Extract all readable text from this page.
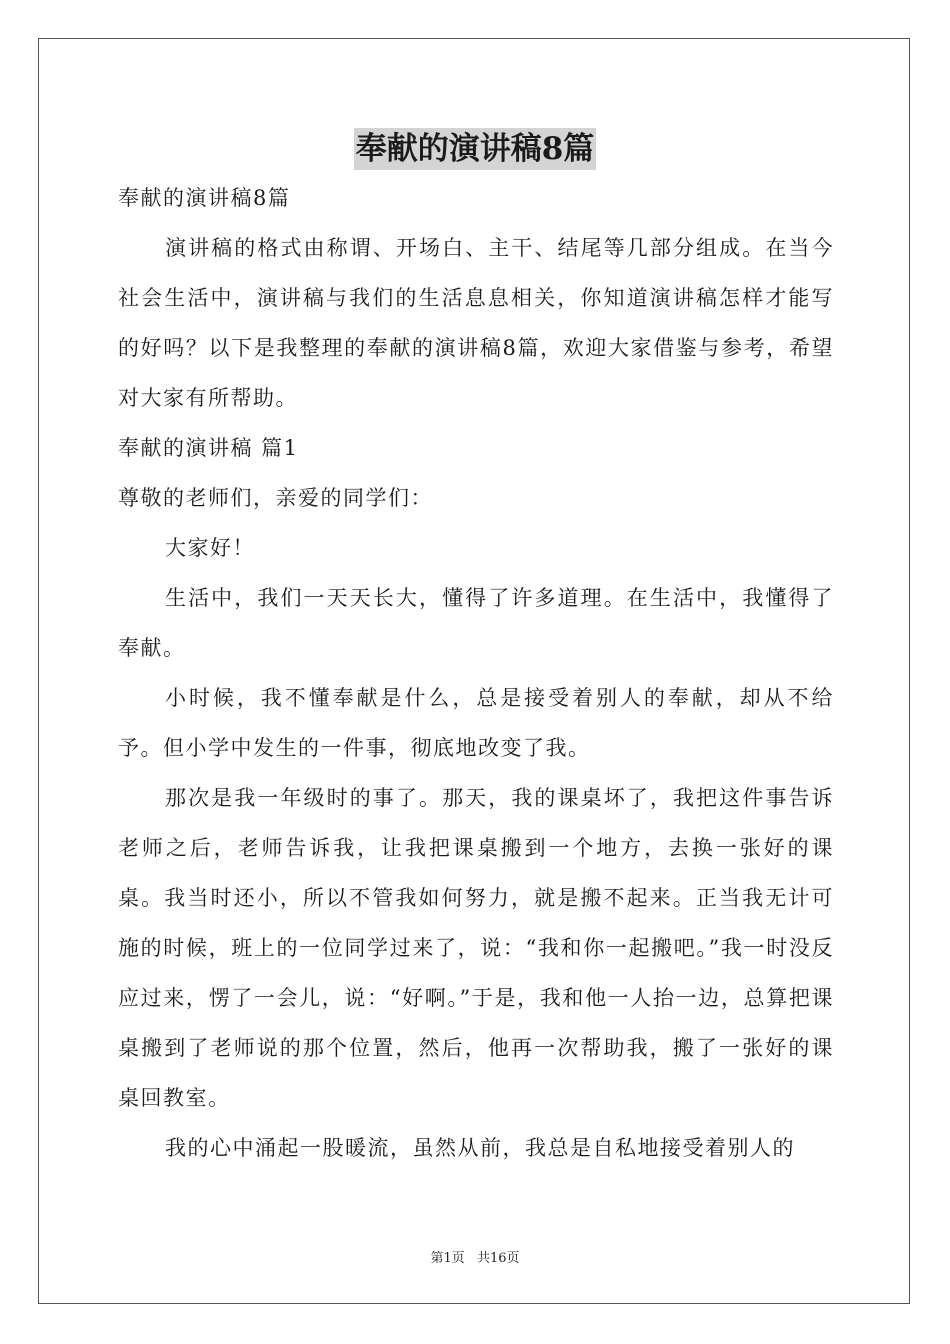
奉献的演讲稿8篇

奉献的演讲稿8篇

演讲稿的格式由称谓、开场白、主干、结尾等几部分组成。在当今社会生活中，演讲稿与我们的生活息息相关，你知道演讲稿怎样才能写的好吗？以下是我整理的奉献的演讲稿8篇，欢迎大家借鉴与参考，希望对大家有所帮助。

奉献的演讲稿 篇1

尊敬的老师们，亲爱的同学们：

大家好！

生活中，我们一天天长大，懂得了许多道理。在生活中，我懂得了奉献。

小时候，我不懂奉献是什么，总是接受着别人的奉献，却从不给予。但小学中发生的一件事，彻底地改变了我。

那次是我一年级时的事了。那天，我的课桌坏了，我把这件事告诉老师之后，老师告诉我，让我把课桌搬到一个地方，去换一张好的课桌。我当时还小，所以不管我如何努力，就是搬不起来。正当我无计可施的时候，班上的一位同学过来了，说：“我和你一起搬吧。”我一时没反应过来，愣了一会儿，说：“好啊。”于是，我和他一人抬一边，总算把课桌搬到了老师说的那个位置，然后，他再一次帮助我，搬了一张好的课桌回教室。

我的心中涌起一股暖流，虽然从前，我总是自私地接受着别人的

第1页 共16页
